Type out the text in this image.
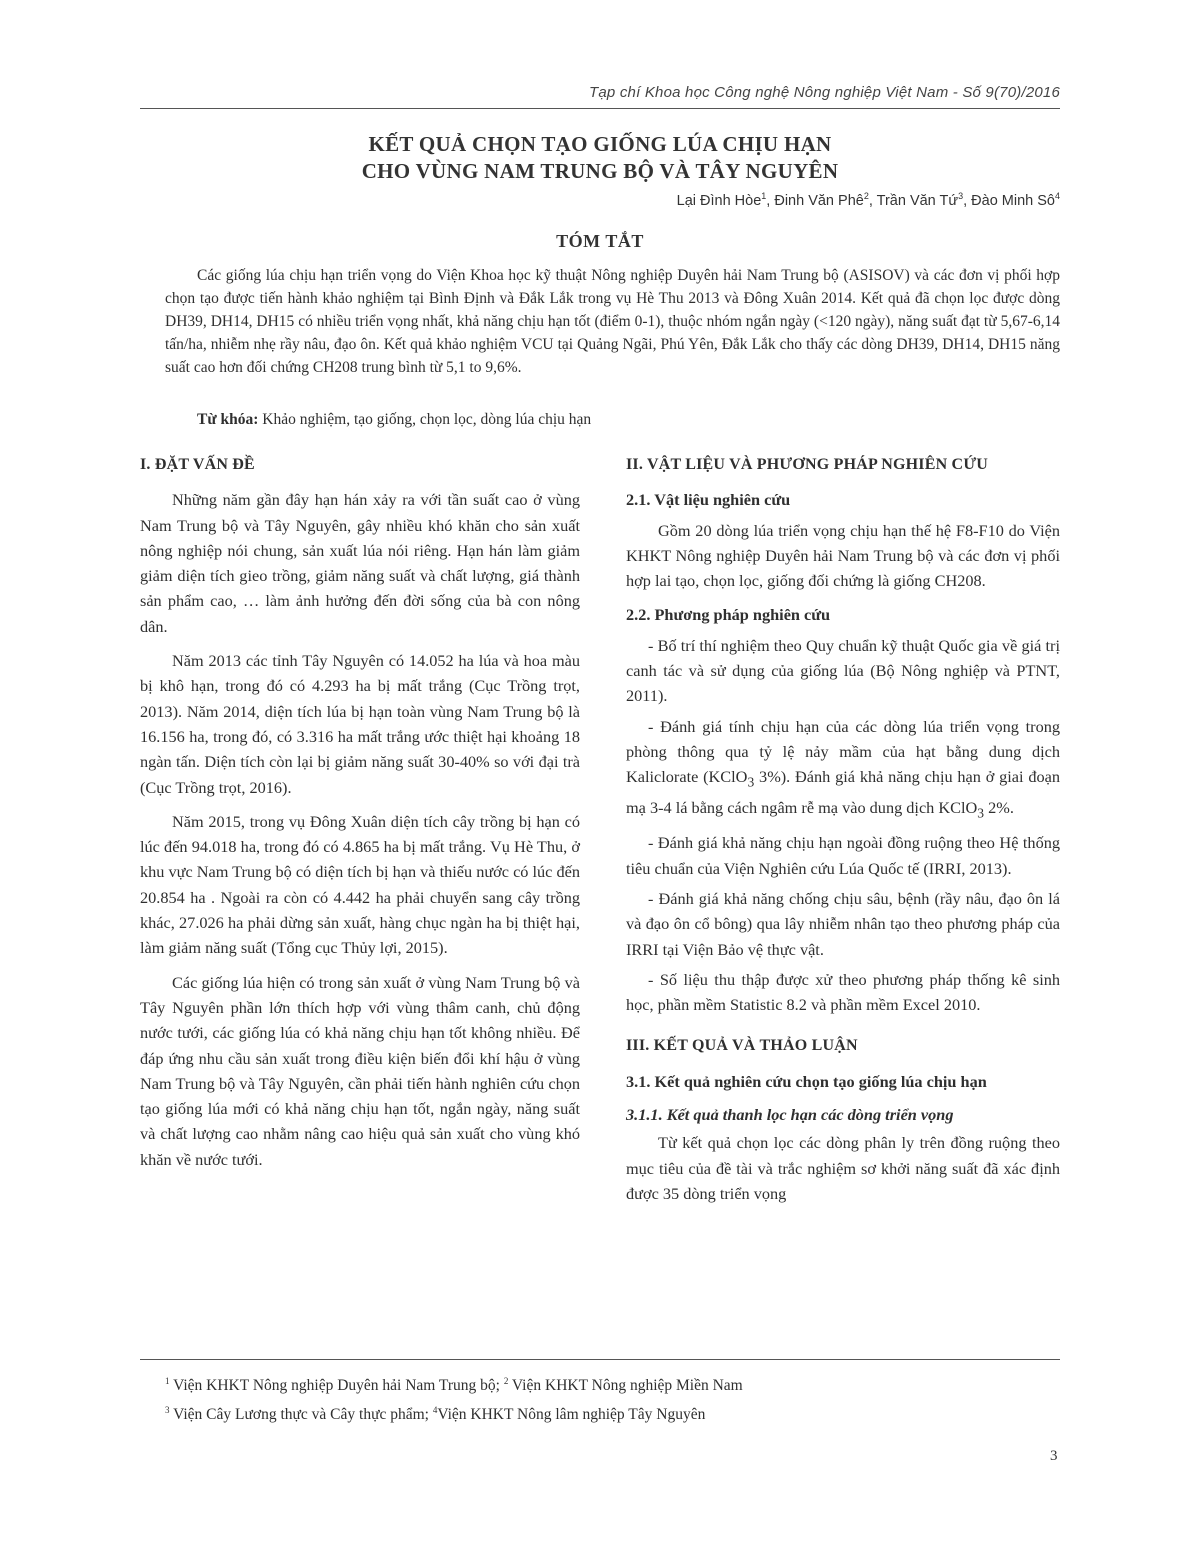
Tạp chí Khoa học Công nghệ Nông nghiệp Việt Nam - Số 9(70)/2016
KẾT QUẢ CHỌN TẠO GIỐNG LÚA CHỊU HẠN
CHO VÙNG NAM TRUNG BỘ VÀ TÂY NGUYÊN
Lại Đình Hòe$^1$, Đinh Văn Phê$^2$, Trần Văn Tứ$^3$, Đào Minh $Sô^4$
TÓM TẮT

Các giống lúa chịu hạn triển vọng do Viện Khoa học kỹ thuật Nông nghiệp Duyên hải Nam Trung bộ (ASISOV) và các đơn vị phối hợp chọn tạo được tiến hành khảo nghiệm tại Bình Định và Đắk Lắk trong vụ Hè Thu 2013 và Đông Xuân 2014. Kết quả đã chọn lọc được dòng DH39, DH14, DH15 có nhiều triển vọng nhất, khả năng chịu hạn tốt (điểm 0-1), thuộc nhóm ngắn ngày (<120 ngày), năng suất đạt từ 5,67-6,14 tấn/ha, nhiễm nhẹ rầy nâu, đạo ôn. Kết quả khảo nghiệm VCU tại Quảng Ngãi, Phú Yên, Đắk Lắk cho thấy các dòng DH39, DH14, DH15 năng suất cao hơn đối chứng CH208 trung bình từ 5,1 to 9,6%.

Từ khóa: Khảo nghiệm, tạo giống, chọn lọc, dòng lúa chịu hạn
I. ĐẶT VẤN ĐỀ

Những năm gần đây hạn hán xảy ra với tần suất cao ở vùng Nam Trung bộ và Tây Nguyên, gây nhiều khó khăn cho sản xuất nông nghiệp nói chung, sản xuất lúa nói riêng. Hạn hán làm giảm giảm diện tích gieo trồng, giảm năng suất và chất lượng, giá thành sản phẩm cao, … làm ảnh hưởng đến đời sống của bà con nông dân.

Năm 2013 các tỉnh Tây Nguyên có 14.052 ha lúa và hoa màu bị khô hạn, trong đó có 4.293 ha bị mất trắng (Cục Trồng trọt, 2013). Năm 2014, diện tích lúa bị hạn toàn vùng Nam Trung bộ là 16.156 ha, trong đó, có 3.316 ha mất trắng ước thiệt hại khoảng 18 ngàn tấn. Diện tích còn lại bị giảm năng suất 30-40% so với đại trà (Cục Trồng trọt, 2016).

Năm 2015, trong vụ Đông Xuân diện tích cây trồng bị hạn có lúc đến 94.018 ha, trong đó có 4.865 ha bị mất trắng. Vụ Hè Thu, ở khu vực Nam Trung bộ có diện tích bị hạn và thiếu nước có lúc đến 20.854 ha . Ngoài ra còn có 4.442 ha phải chuyển sang cây trồng khác, 27.026 ha phải dừng sản xuất, hàng chục ngàn ha bị thiệt hại, làm giảm năng suất (Tổng cục Thủy lợi, 2015).

Các giống lúa hiện có trong sản xuất ở vùng Nam Trung bộ và Tây Nguyên phần lớn thích hợp với vùng thâm canh, chủ động nước tưới, các giống lúa có khả năng chịu hạn tốt không nhiều. Để đáp ứng nhu cầu sản xuất trong điều kiện biến đổi khí hậu ở vùng Nam Trung bộ và Tây Nguyên, cần phải tiến hành nghiên cứu chọn tạo giống lúa mới có khả năng chịu hạn tốt, ngắn ngày, năng suất và chất lượng cao nhằm nâng cao hiệu quả sản xuất cho vùng khó khăn về nước tưới.

II. VẬT LIỆU VÀ PHƯƠNG PHÁP NGHIÊN CỨU
2.1. Vật liệu nghiên cứu

Gồm 20 dòng lúa triển vọng chịu hạn thế hệ F8-F10 do Viện KHKT Nông nghiệp Duyên hải Nam Trung bộ và các đơn vị phối hợp lai tạo, chọn lọc, giống đối chứng là giống CH208.

2.2. Phương pháp nghiên cứu

- Bố trí thí nghiệm theo Quy chuẩn kỹ thuật Quốc gia về giá trị canh tác và sử dụng của giống lúa (Bộ Nông nghiệp và PTNT, 2011).

- Đánh giá tính chịu hạn của các dòng lúa triển vọng trong phòng thông qua tỷ lệ nảy mầm của hạt bằng dung dịch Kaliclorate (KClO$_3$ 3%). Đánh giá khả năng chịu hạn ở giai đoạn mạ 3-4 lá bằng cách ngâm rễ mạ vào dung dịch KClO$_3$ 2%.

- Đánh giá khả năng chịu hạn ngoài đồng ruộng theo Hệ thống tiêu chuẩn của Viện Nghiên cứu Lúa Quốc tế (IRRI, 2013).

- Đánh giá khả năng chống chịu sâu, bệnh (rầy nâu, đạo ôn lá và đạo ôn cổ bông) qua lây nhiễm nhân tạo theo phương pháp của IRRI tại Viện Bảo vệ thực vật.

- Số liệu thu thập được xử theo phương pháp thống kê sinh học, phần mềm Statistic 8.2 và phần mềm Excel 2010.

III. KẾT QUẢ VÀ THẢO LUẬN
3.1. Kết quả nghiên cứu chọn tạo giống lúa chịu hạn
3.1.1. Kết quả thanh lọc hạn các dòng triển vọng

Từ kết quả chọn lọc các dòng phân ly trên đồng ruộng theo mục tiêu của đề tài và trắc nghiệm sơ khởi năng suất đã xác định được 35 dòng triển vọng

$^1$ Viện KHKT Nông nghiệp Duyên hải Nam Trung bộ; $^2$ Viện KHKT Nông nghiệp Miền Nam
$^3$ Viện Cây Lương thực và Cây thực phẩm; $^4$Viện KHKT Nông lâm nghiệp Tây Nguyên
3
